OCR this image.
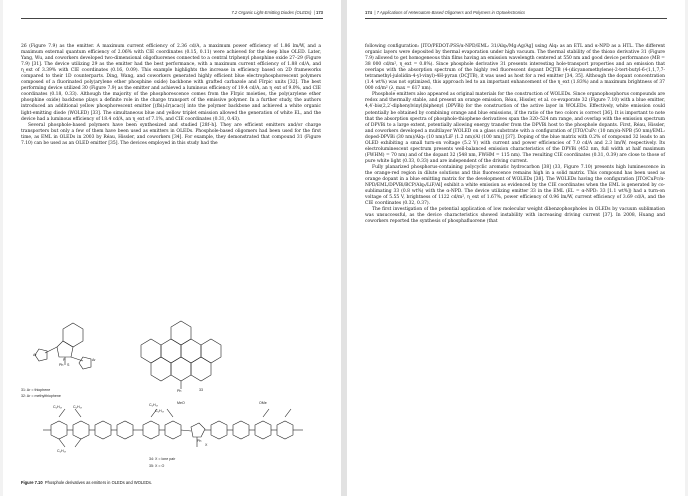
7.2 Organic Light-Emitting Diodes (OLEDs)  | 173

26 (Figure 7.9) as the emitter. A maximum current efficiency of 2.36 cd/A, a maximum power efficiency of 1.86 lm/W, and a maximum external quantum efficiency of 2.06% with CIE coordinates (0.15, 0.11) were achieved for the deep blue OLED. Later, Yang, Wu, and coworkers developed two-dimensional oligofluorenes connected to a central triphenyl phosphine oxide 27–29 (Figure 7.9) [31]. The device utilizing 29 as the emitter had the best performance, with a maximum current efficiency of 1.88 cd/A, and η_ext of 3.39% with CIE coordinates (0.16, 0.09). This example highlights the increase in efficiency based on 2D frameworks compared to their 1D counterparts. Ding, Wang, and coworkers generated highly efficient blue electrophosphorescent polymers composed of a fluorinated poly(arylene ether phosphine oxide) backbone with grafted carbazole and FIrpic units [32]. The best performing device utilized 30 (Figure 7.9) as the emitter and achieved a luminous efficiency of 19.4 cd/A, an η_ext of 9.0%, and CIE coordinates (0.18, 0.33). Although the majority of the phosphorescence comes from the FIrpic moieties, the poly(arylene ether phosphine oxide) backbone plays a definite role in the charge transport of the emissive polymer. In a further study, the authors introduced an additional yellow phosphorescent emitter [(fbi)₂Ir(acac)] into the polymer backbone and achieved a white organic light-emitting diode (WOLED) [33]. The simultaneous blue and yellow triplet emission allowed the generation of white EL, and the device had a luminous efficiency of 18.4 cd/A, an η_ext of 7.1%, and CIE coordinates (0.31, 0.43).

Several phosphole-based polymers have been synthesized and studied [28f–h]. They are efficient emitters and/or charge transporters but only a few of them have been used as emitters in OLEDs. Phosphole-based oligomers had been used for the first time, as EML in OLEDs in 2003 by Réau, Hissler, and coworkers [34]. For example, they demonstrated that compound 31 (Figure 7.10) can be used as an OLED emitter [35]. The devices employed in this study had the

Ar
Ar
Ph S
P
Ph
31: Ar = thiophene
32: Ar = methylthiophene
33
C₆H₁₇	C₆H₁₇	C₆H₁₇
C₆H₁₇
C₆H₁₇
MeO	OMe
Ph
X
34: X = lone pair
35: X = O
Figure 7.10 Phosphole derivatives as emitters in OLEDs and WOLEDs.
174  | 7 Applications of Heteroatom-Based Oligomers and Polymers in Optoelectronics

following configuration: [ITO/PEDOT:PSS/α-NPD/EML: 31/Alq₃/Mg:Ag/Ag] using Alq₃ as an ETL and α-NPD as a HTL. The different organic layers were deposited by thermal evaporation under high vacuum. The thermal stability of the thioxo derivative 31 (Figure 7.9) allowed to get homogeneous thin films having an emission wavelength centered at 550 nm and good device performance (MB = 38 000 cd/m², η_ext = 0.8%). Since phosphole derivative 31 presents interesting hole-transport properties and an emission that overlaps with the absorption spectrum of the highly red fluorescent dopant DCJTB (4-(dicyanomethylene)-2-tert-butyl-6-(1,1,7,7-tetramethyl-julolidin-4-yl-vinyl)-4H-pyran (DCJTB), it was used as host for a red emitter [34, 35]. Although the dopant concentration (1.4 wt%) was not optimized, this approach led to an important enhancement of the η_ext (1.83%) and a maximum brightness of 37 000 cd/m² (λ_max = 617 nm).

Phosphole emitters also appeared as original materials for the construction of WOLEDs. Since organophosphorus compounds are redox and thermally stable, and present an orange emission, Réau, Hissler, et al. co-evaporate 32 (Figure 7.10) with a blue emitter, 4,4′-bis(2,2′-diphenylvinyl)biphenyl (DPVBi) for the construction of the active layer in WOLEDs. Effectively, white emission could potentially be obtained by combining orange and blue emissions, if the ratio of the two colors is correct [36]. It is important to note that the absorption spectra of phosphole-thiophene derivatives span the 320–524 nm range, and overlap with the emission spectrum of DPVBi to a large extent, potentially allowing energy transfer from the DPVBi host to the phosphole dopants. First, Réau, Hissler, and coworkers developed a multilayer WOLED on a glass substrate with a configuration of [ITO/CuPc (10 nm)/α-NPB (50 nm)/EML: doped-DPVBi (30 nm)/Alq₃ (10 nm)/LiF (1.2 nm)/Al (100 nm)] [37]. Doping of the blue matrix with 0.2% of compound 32 leads to an OLED exhibiting a small turn-on voltage (5.2 V) with current and power efficiencies of 7.0 cd/A and 2.3 lm/W, respectively. Its electroluminescent spectrum presents well-balanced emission characteristics of the DPVBi (452 nm, full width at half maximum (FWHM) = 70 nm) and of the dopant 32 (548 nm, FWHM = 115 nm). The resulting CIE coordinates (0.31, 0.39) are close to those of pure white light (0.33, 0.33) and are independent of the driving current.

Fully planarized phosphorus-containing polycyclic aromatic hydrocarbon [38] (33, Figure 7.10) presents high luminescence in the orange-red region in dilute solutions and this fluorescence remains high in a solid matrix. This compound has been used as orange dopant in a blue emitting matrix for the development of WOLEDs [38]. The WOLEDs having the configuration [ITO/CuPc/α-NPD/EML/DPVBi/BCP/Alq₃/LiF/Al] exhibit a white emission as evidenced by the CIE coordinates when the EML is generated by co-sublimating 33 (0.8 wt%) with the α-NPD. The device utilizing emitter 33 in the EML (EL = α-NPD: 33 [1.1 wt%]) had a turn-on voltage of 5.55 V, brightness of 1122 cd/m², η_ext of 1.67%, power efficiency of 0.96 lm/W, current efficiency of 3.69 cd/A, and the CIE coordinates (0.32, 0.37).

The first investigation of the potential application of low molecular weight dibenzophospholes in OLEDs by vacuum sublimation was unsuccessful, as the device characteristics showed instability with increasing driving current [37]. In 2008, Huang and coworkers reported the synthesis of phosphafluorene (that
